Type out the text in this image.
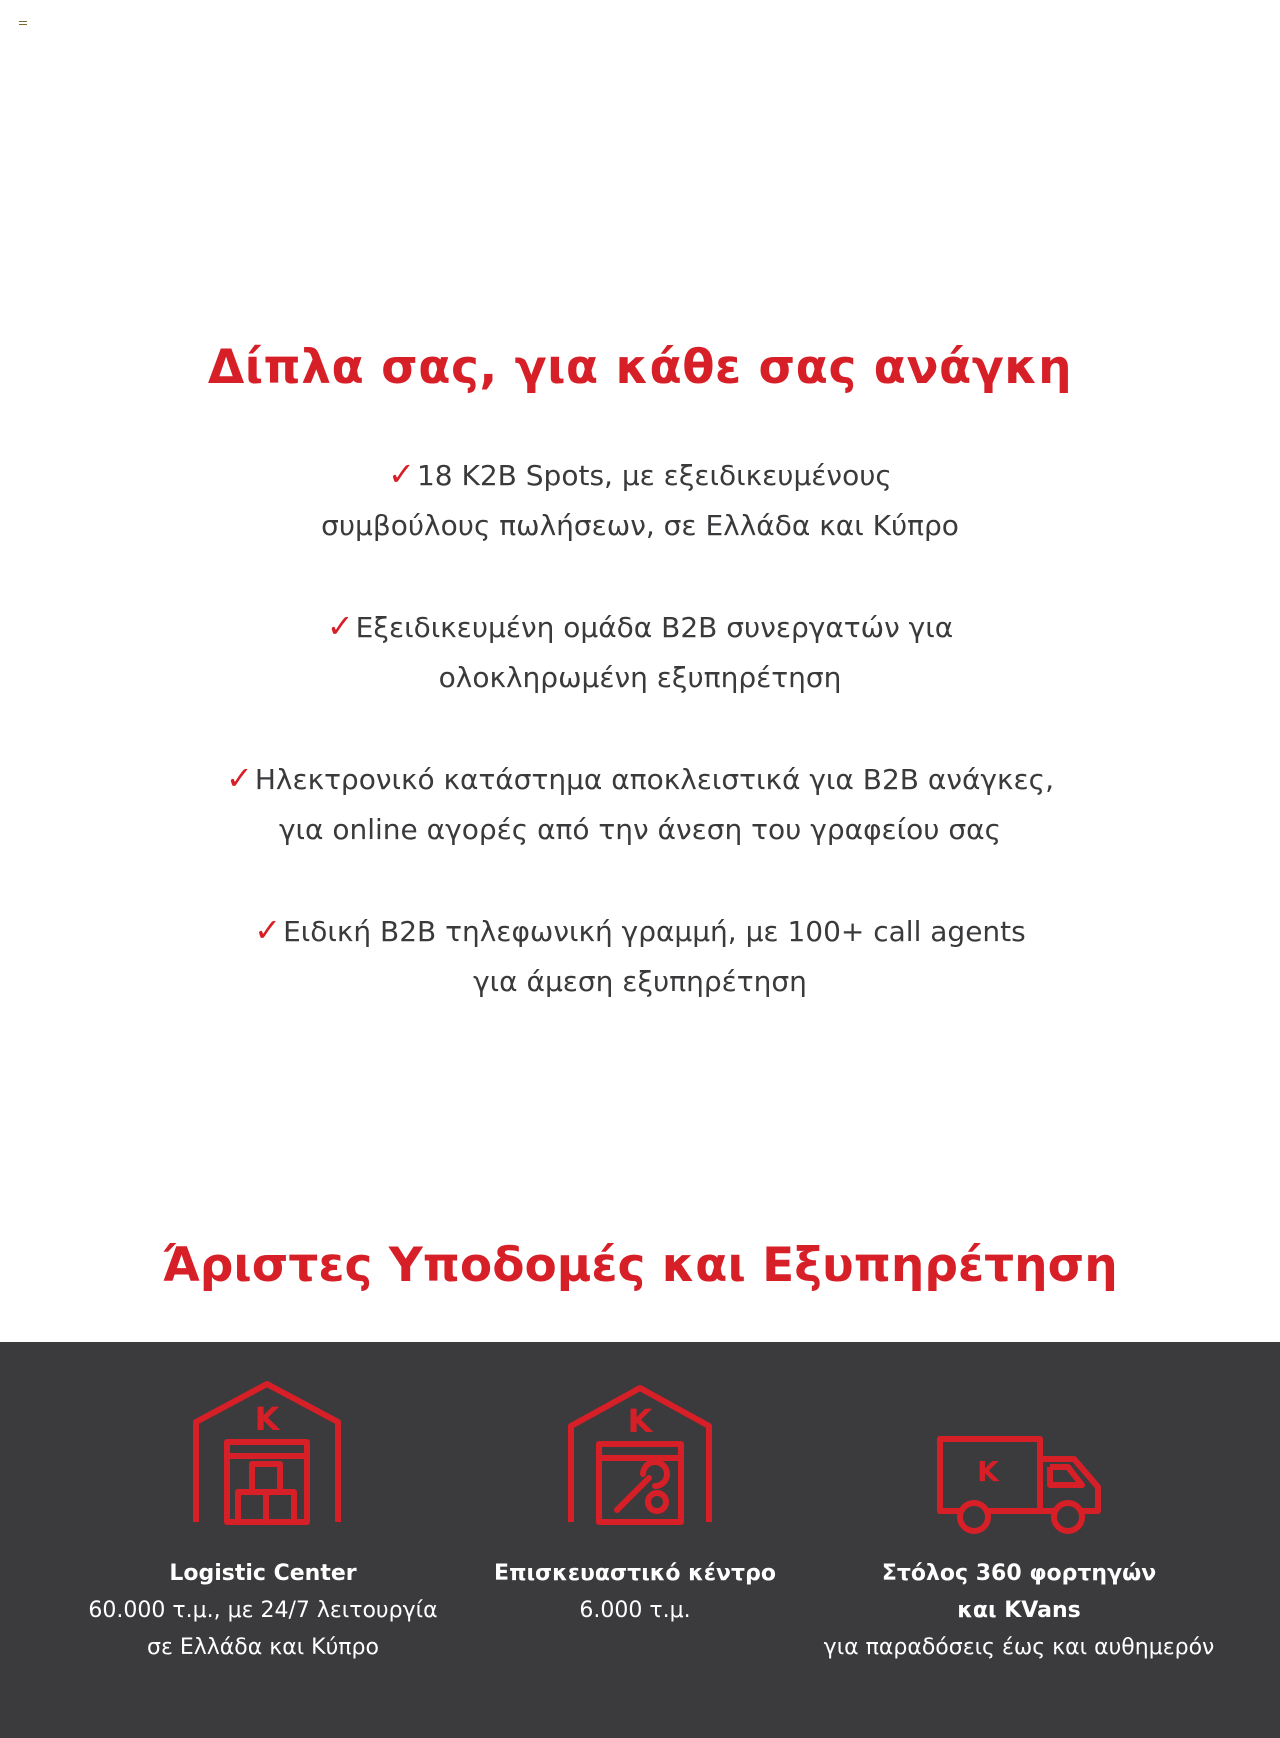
Δίπλα σας, για κάθε σας ανάγκη
✓18 K2B Spots, με εξειδικευμένους
συμβούλους πωλήσεων, σε Ελλάδα και Κύπρο
✓Εξειδικευμένη ομάδα B2B συνεργατών για
ολοκληρωμένη εξυπηρέτηση
✓Ηλεκτρονικό κατάστημα αποκλειστικά για B2B ανάγκες,
για online αγορές από την άνεση του γραφείου σας
✓Ειδική B2B τηλεφωνική γραμμή, με 100+ call agents
για άμεση εξυπηρέτηση
Άριστες Υποδομές και Εξυπηρέτηση
K
Logistic Center
60.000 τ.μ., με 24/7 λειτουργία
σε Ελλάδα και Κύπρο
K
Επισκευαστικό κέντρο
6.000 τ.μ.
K
Στόλος 360 φορτηγών
και KVans
για παραδόσεις έως και αυθημερόν
